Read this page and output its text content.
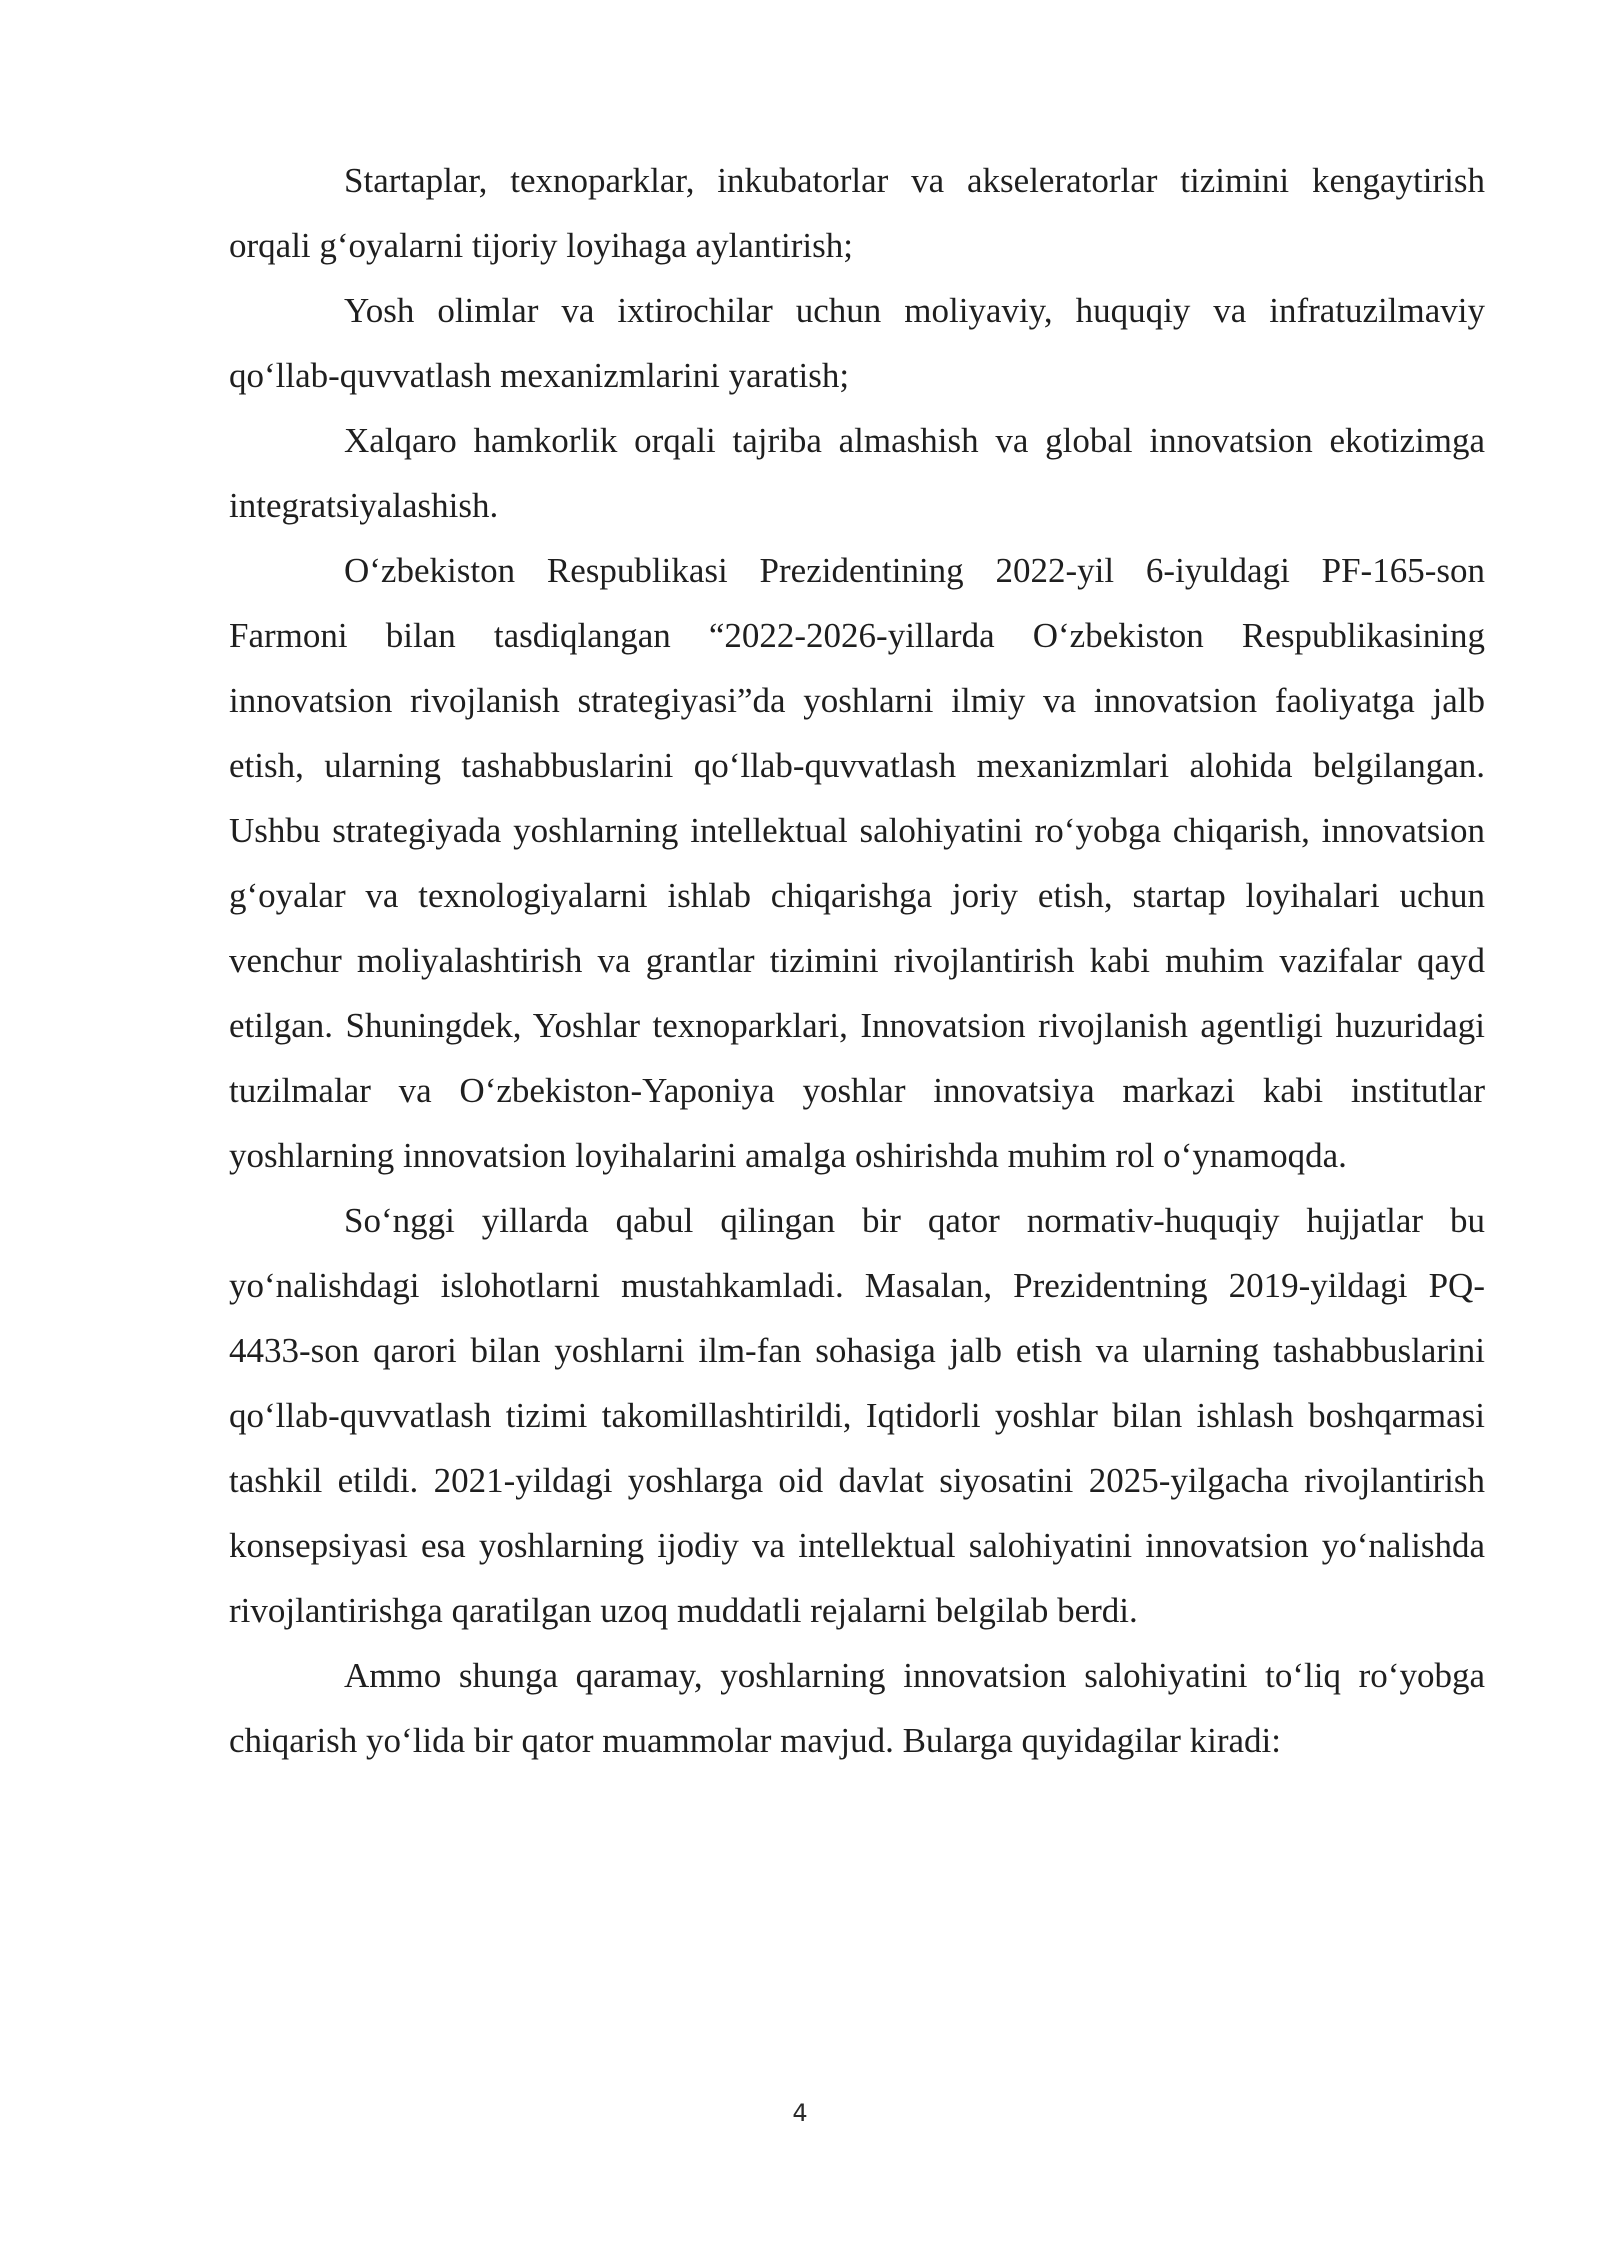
Startaplar, texnoparklar, inkubatorlar va akseleratorlar tizimini kengaytirish orqali g‘oyalarni tijoriy loyihaga aylantirish;

Yosh olimlar va ixtirochilar uchun moliyaviy, huquqiy va infratuzilmaviy qo‘llab-quvvatlash mexanizmlarini yaratish;

Xalqaro hamkorlik orqali tajriba almashish va global innovatsion ekotizimga integratsiyalashish.

O‘zbekiston Respublikasi Prezidentining 2022-yil 6-iyuldagi PF-165-son Farmoni bilan tasdiqlangan “2022-2026-yillarda O‘zbekiston Respublikasining innovatsion rivojlanish strategiyasi”da yoshlarni ilmiy va innovatsion faoliyatga jalb etish, ularning tashabbuslarini qo‘llab-quvvatlash mexanizmlari alohida belgilangan. Ushbu strategiyada yoshlarning intellektual salohiyatini ro‘yobga chiqarish, innovatsion g‘oyalar va texnologiyalarni ishlab chiqarishga joriy etish, startap loyihalari uchun venchur moliyalashtirish va grantlar tizimini rivojlantirish kabi muhim vazifalar qayd etilgan. Shuningdek, Yoshlar texnoparklari, Innovatsion rivojlanish agentligi huzuridagi tuzilmalar va O‘zbekiston-Yaponiya yoshlar innovatsiya markazi kabi institutlar yoshlarning innovatsion loyihalarini amalga oshirishda muhim rol o‘ynamoqda.

So‘nggi yillarda qabul qilingan bir qator normativ-huquqiy hujjatlar bu yo‘nalishdagi islohotlarni mustahkamladi. Masalan, Prezidentning 2019-yildagi PQ-4433-son qarori bilan yoshlarni ilm-fan sohasiga jalb etish va ularning tashabbuslarini qo‘llab-quvvatlash tizimi takomillashtirildi, Iqtidorli yoshlar bilan ishlash boshqarmasi tashkil etildi. 2021-yildagi yoshlarga oid davlat siyosatini 2025-yilgacha rivojlantirish konsepsiyasi esa yoshlarning ijodiy va intellektual salohiyatini innovatsion yo‘nalishda rivojlantirishga qaratilgan uzoq muddatli rejalarni belgilab berdi.

Ammo shunga qaramay, yoshlarning innovatsion salohiyatini to‘liq ro‘yobga chiqarish yo‘lida bir qator muammolar mavjud. Bularga quyidagilar kiradi:

4
